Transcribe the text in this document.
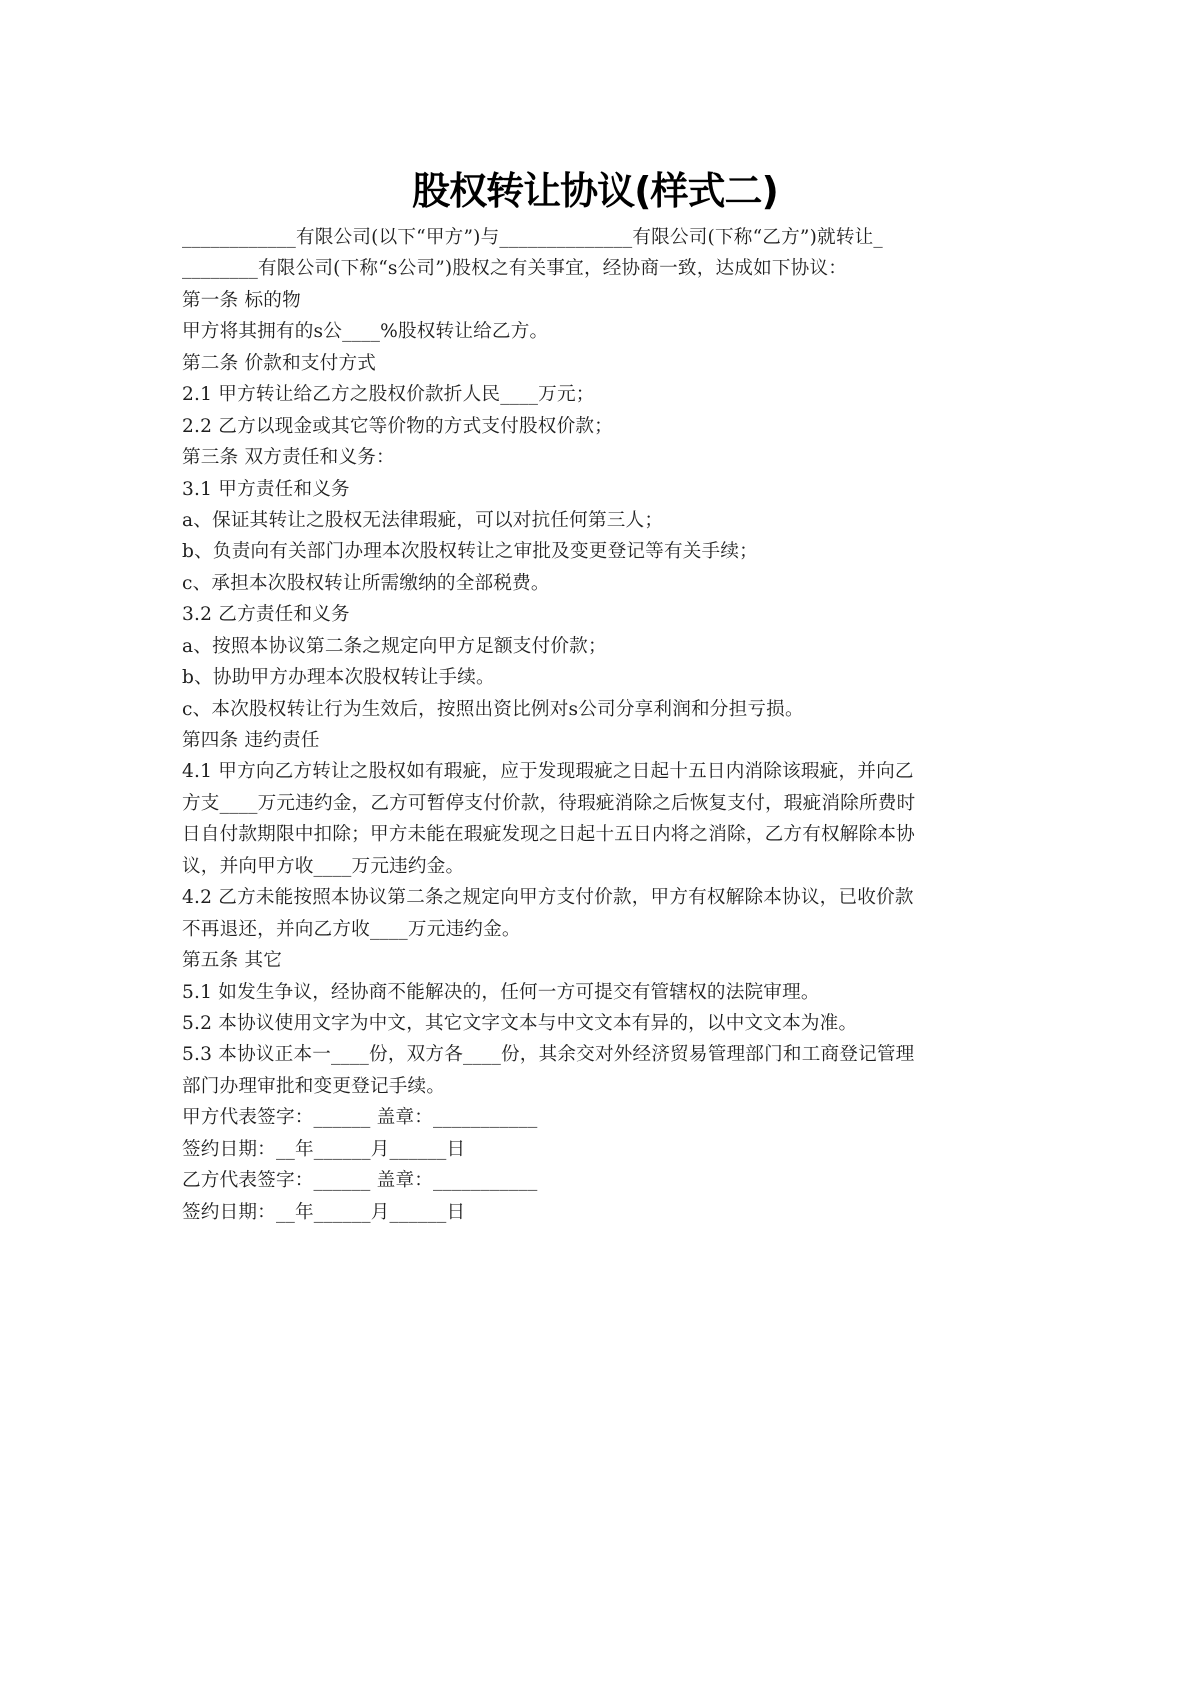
股权转让协议(样式二)
____________有限公司(以下“甲方”)与______________有限公司(下称“乙方”)就转让_
________有限公司(下称“s公司”)股权之有关事宜，经协商一致，达成如下协议：
第一条 标的物
甲方将其拥有的s公____%股权转让给乙方。
第二条 价款和支付方式
2.1 甲方转让给乙方之股权价款折人民____万元；
2.2 乙方以现金或其它等价物的方式支付股权价款；
第三条 双方责任和义务：
3.1 甲方责任和义务
a、保证其转让之股权无法律瑕疵，可以对抗任何第三人；
b、负责向有关部门办理本次股权转让之审批及变更登记等有关手续；
c、承担本次股权转让所需缴纳的全部税费。
3.2 乙方责任和义务
a、按照本协议第二条之规定向甲方足额支付价款；
b、协助甲方办理本次股权转让手续。
c、本次股权转让行为生效后，按照出资比例对s公司分享利润和分担亏损。
第四条 违约责任
4.1 甲方向乙方转让之股权如有瑕疵，应于发现瑕疵之日起十五日内消除该瑕疵，并向乙
方支____万元违约金，乙方可暂停支付价款，待瑕疵消除之后恢复支付，瑕疵消除所费时
日自付款期限中扣除；甲方未能在瑕疵发现之日起十五日内将之消除，乙方有权解除本协
议，并向甲方收____万元违约金。
4.2 乙方未能按照本协议第二条之规定向甲方支付价款，甲方有权解除本协议，已收价款
不再退还，并向乙方收____万元违约金。
第五条 其它
5.1 如发生争议，经协商不能解决的，任何一方可提交有管辖权的法院审理。
5.2 本协议使用文字为中文，其它文字文本与中文文本有异的，以中文文本为准。
5.3 本协议正本一____份，双方各____份，其余交对外经济贸易管理部门和工商登记管理
部门办理审批和变更登记手续。
甲方代表签字：______ 盖章：___________
签约日期：__年______月______日
乙方代表签字：______ 盖章：___________
签约日期：__年______月______日
